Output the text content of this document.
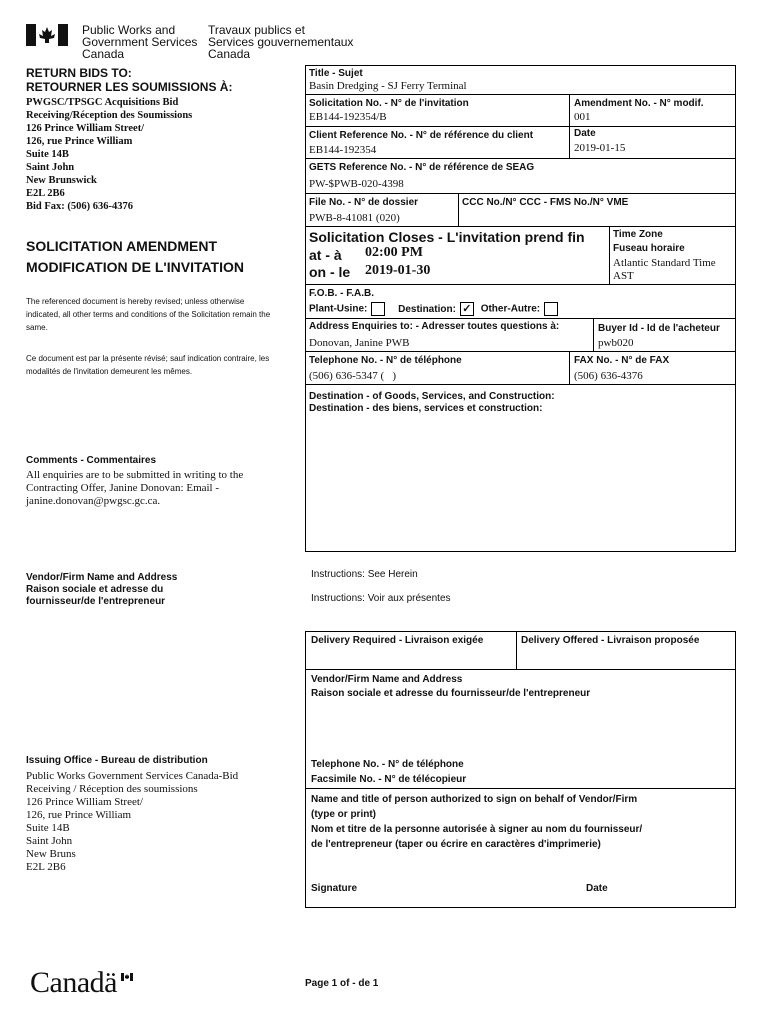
Public Works and
Government Services
Canada
Travaux publics et
Services gouvernementaux
Canada
RETURN BIDS TO:
RETOURNER LES SOUMISSIONS À:
PWGSC/TPSGC Acquisitions Bid
Receiving/Réception des Soumissions
126 Prince William Street/
126, rue Prince William
Suite 14B
Saint John
New Brunswick
E2L 2B6
Bid Fax: (506) 636-4376
SOLICITATION AMENDMENT
MODIFICATION DE L'INVITATION
The referenced document is hereby revised; unless otherwise indicated, all other terms and conditions of the Solicitation remain the same.
Ce document est par la présente révisé; sauf indication contraire, les modalités de l'invitation demeurent les mêmes.
Comments - Commentaires
All enquiries are to be submitted in writing to the Contracting Offer, Janine Donovan: Email - janine.donovan@pwgsc.gc.ca.
Vendor/Firm Name and Address
Raison sociale et adresse du
fournisseur/de l'entrepreneur
Issuing Office - Bureau de distribution
Public Works Government Services Canada-Bid
Receiving / Réception des soumissions
126 Prince William Street/
126, rue Prince William
Suite 14B
Saint John
New Bruns
E2L 2B6
Title - Sujet
Basin Dredging - SJ Ferry Terminal
Solicitation No. - N° de l'invitation
EB144-192354/B
Amendment No. - N° modif.
001
Client Reference No. - N° de référence du client
EB144-192354
Date
2019-01-15
GETS Reference No. - N° de référence de SEAG
PW-$PWB-020-4398
File No. - N° de dossier
PWB-8-41081 (020)
CCC No./N° CCC - FMS No./N° VME
Solicitation Closes - L'invitation prend fin
at - à 02:00 PM
on - le 2019-01-30
Time Zone
Fuseau horaire
Atlantic Standard Time
AST
F.O.B. - F.A.B.
Plant-Usine:	Destination: ✓ Other-Autre:
Address Enquiries to: - Adresser toutes questions à:
Donovan, Janine PWB
Buyer Id - Id de l'acheteur
pwb020
Telephone No. - N° de téléphone
(506) 636-5347 (   )
FAX No. - N° de FAX
(506) 636-4376
Destination - of Goods, Services, and Construction:
Destination - des biens, services et construction:
Instructions: See Herein
Instructions: Voir aux présentes
Delivery Required - Livraison exigée	Delivery Offered - Livraison proposée
Vendor/Firm Name and Address
Raison sociale et adresse du fournisseur/de l'entrepreneur
Telephone No. - N° de téléphone
Facsimile No. - N° de télécopieur
Name and title of person authorized to sign on behalf of Vendor/Firm
(type or print)
Nom et titre de la personne autorisée à signer au nom du fournisseur/
de l'entrepreneur (taper ou écrire en caractères d'imprimerie)
Signature	Date
Canadä	Page 1 of - de 1
